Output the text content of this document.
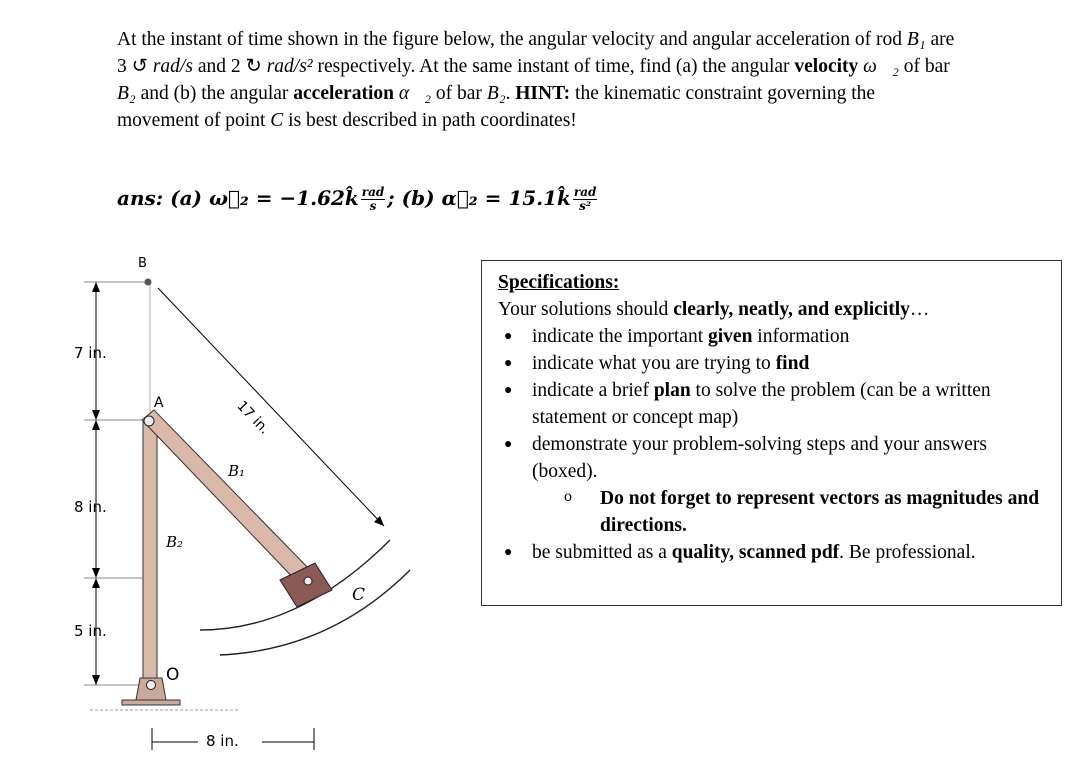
At the instant of time shown in the figure below, the angular velocity and angular acceleration of rod B₁ are 3 ↺ rad/s and 2 ↻ rad/s² respectively. At the same instant of time, find (a) the angular velocity ω⃗₂ of bar B₂ and (b) the angular acceleration α⃗₂ of bar B₂. HINT: the kinematic constraint governing the movement of point C is best described in path coordinates!

ans: (a) ω⃗₂ = −1.62k̂ $\frac{\text{rad}}{s}$ ; (b) α⃗₂ = 15.1k̂ $\frac{\text{rad}}{\text{s²}}$
B
A
B₁
B₂
C
O
7 in.
8 in.
5 in.
17 in.
8 in.
Specifications:
Your solutions should clearly, neatly, and explicitly…
● indicate the important given information
● indicate what you are trying to find
● indicate a brief plan to solve the problem (can be a written statement or concept map)
● demonstrate your problem-solving steps and your answers (boxed).
o Do not forget to represent vectors as magnitudes and directions.
● be submitted as a quality, scanned pdf. Be professional.
